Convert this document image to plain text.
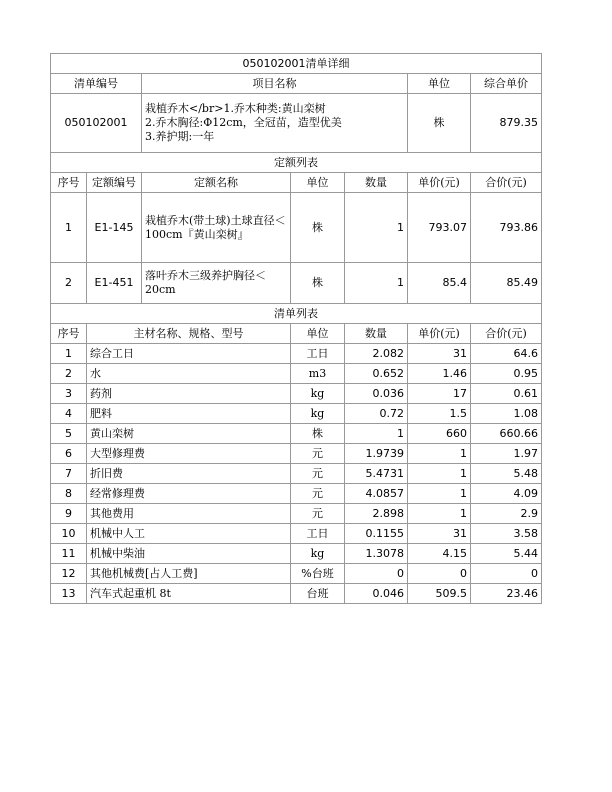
050102001清单详细						
清单编号		项目名称			单位	综合单价
050102001		栽植乔木</br>1.乔木种类:黄山栾树
2.乔木胸径:Φ12cm，全冠苗，造型优美
3.养护期:一年			株	879.35
定额列表						
序号	定额编号	定额名称	单位	数量	单价(元)	合价(元)
1	E1-145	栽植乔木(带土球)土球直径＜100cm『黄山栾树』	株	1	793.07	793.86
2	E1-451	落叶乔木三级养护胸径＜20cm	株	1	85.4	85.49
清单列表						
序号	主材名称、规格、型号		单位	数量	单价(元)	合价(元)
1	综合工日		工日	2.082	31	64.6
2	水		m3	0.652	1.46	0.95
3	药剂		kg	0.036	17	0.61
4	肥料		kg	0.72	1.5	1.08
5	黄山栾树		株	1	660	660.66
6	大型修理费		元	1.9739	1	1.97
7	折旧费		元	5.4731	1	5.48
8	经常修理费		元	4.0857	1	4.09
9	其他费用		元	2.898	1	2.9
10	机械中人工		工日	0.1155	31	3.58
11	机械中柴油		kg	1.3078	4.15	5.44
12	其他机械费[占人工费]		%台班	0	0	0
13	汽车式起重机 8t		台班	0.046	509.5	23.46
